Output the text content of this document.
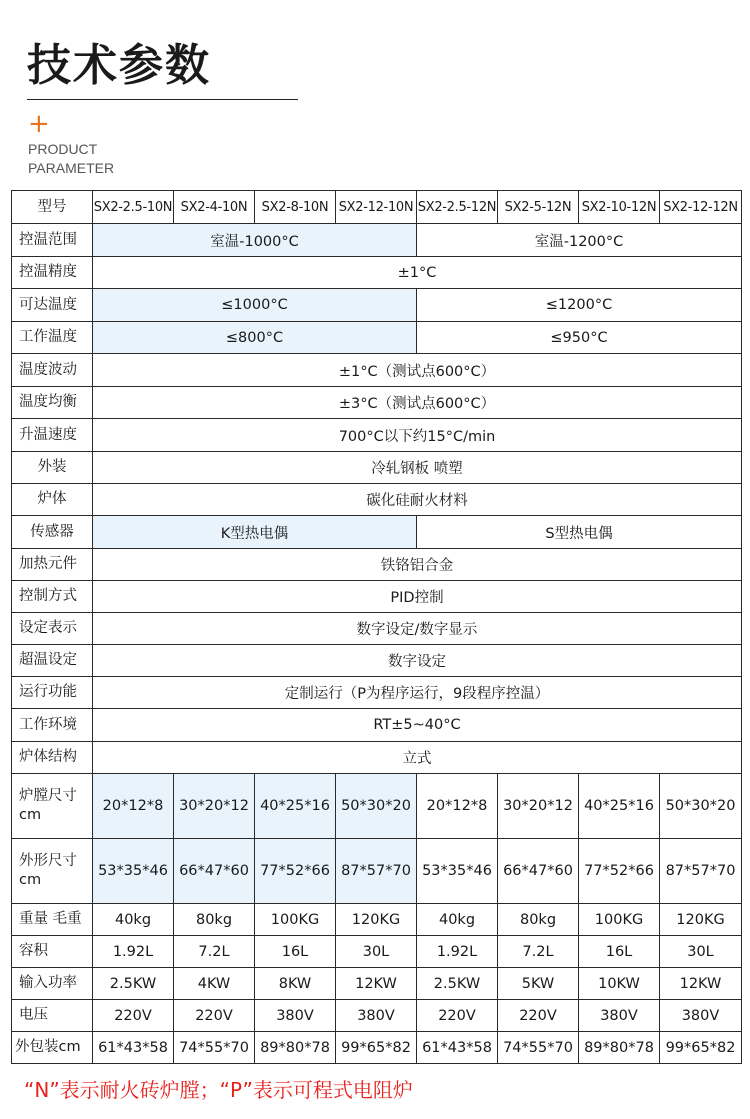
技术参数
+
PRODUCT
PARAMETER
型号	SX2-2.5-10N	SX2-4-10N	SX2-8-10N	SX2-12-10N	SX2-2.5-12N	SX2-5-12N	SX2-10-12N	SX2-12-12N
控温范围	室温-1000°C				室温-1200°C			
控温精度	±1°C							
可达温度	≤1000°C				≤1200°C			
工作温度	≤800°C				≤950°C			
温度波动	±1°C（测试点600°C）							
温度均衡	±3°C（测试点600°C）							
升温速度	700°C以下约15°C/min							
外装	冷轧钢板 喷塑							
炉体	碳化硅耐火材料							
传感器	K型热电偶				S型热电偶			
加热元件	铁铬铝合金							
控制方式	PID控制							
设定表示	数字设定/数字显示							
超温设定	数字设定							
运行功能	定制运行（P为程序运行，9段程序控温）							
工作环境	RT±5~40°C							
炉体结构	立式							
炉膛尺寸cm	20*12*8	30*20*12	40*25*16	50*30*20	20*12*8	30*20*12	40*25*16	50*30*20
外形尺寸cm	53*35*46	66*47*60	77*52*66	87*57*70	53*35*46	66*47*60	77*52*66	87*57*70
重量 毛重	40kg	80kg	100KG	120KG	40kg	80kg	100KG	120KG
容积	1.92L	7.2L	16L	30L	1.92L	7.2L	16L	30L
输入功率	2.5KW	4KW	8KW	12KW	2.5KW	5KW	10KW	12KW
电压	220V	220V	380V	380V	220V	220V	380V	380V
外包装cm	61*43*58	74*55*70	89*80*78	99*65*82	61*43*58	74*55*70	89*80*78	99*65*82
“N”表示耐火砖炉膛；“P”表示可程式电阻炉
